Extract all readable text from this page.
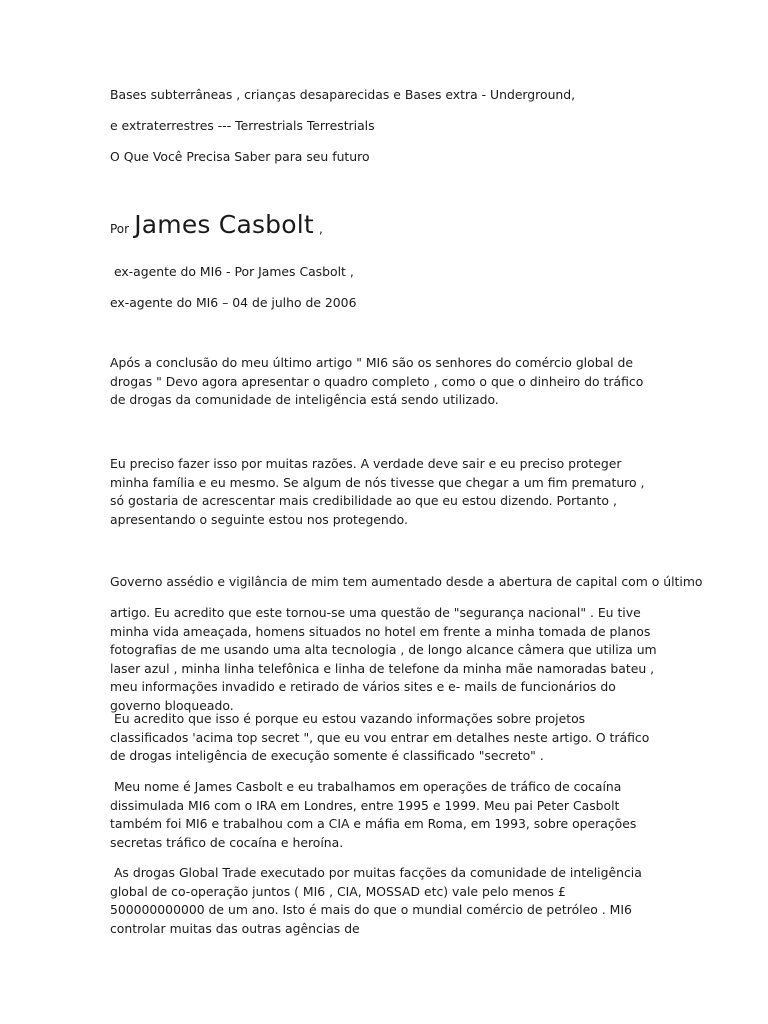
Bases subterrâneas , crianças desaparecidas e Bases extra - Underground,

e extraterrestres --- Terrestrials Terrestrials

O Que Você Precisa Saber para seu futuro

Por James Casbolt ,

ex-agente do MI6 - Por James Casbolt ,

ex-agente do MI6 – 04 de julho de 2006

Após a conclusão do meu último artigo " MI6 são os senhores do comércio global de drogas " Devo agora apresentar o quadro completo , como o que o dinheiro do tráfico de drogas da comunidade de inteligência está sendo utilizado.

Eu preciso fazer isso por muitas razões. A verdade deve sair e eu preciso proteger minha família e eu mesmo. Se algum de nós tivesse que chegar a um fim prematuro , só gostaria de acrescentar mais credibilidade ao que eu estou dizendo. Portanto , apresentando o seguinte estou nos protegendo.

Governo assédio e vigilância de mim tem aumentado desde a abertura de capital com o último

artigo. Eu acredito que este tornou-se uma questão de "segurança nacional" . Eu tive minha vida ameaçada, homens situados no hotel em frente a minha tomada de planos fotografias de me usando uma alta tecnologia , de longo alcance câmera que utiliza um laser azul , minha linha telefônica e linha de telefone da minha mãe namoradas bateu , meu informações invadido e retirado de vários sites e e- mails de funcionários do governo bloqueado.

Eu acredito que isso é porque eu estou vazando informações sobre projetos classificados 'acima top secret ", que eu vou entrar em detalhes neste artigo. O tráfico de drogas inteligência de execução somente é classificado "secreto" .

Meu nome é James Casbolt e eu trabalhamos em operações de tráfico de cocaína dissimulada MI6 com o IRA em Londres, entre 1995 e 1999. Meu pai Peter Casbolt também foi MI6 e trabalhou com a CIA e máfia em Roma, em 1993, sobre operações secretas tráfico de cocaína e heroína.

As drogas Global Trade executado por muitas facções da comunidade de inteligência global de co-operação juntos ( MI6 , CIA, MOSSAD etc) vale pelo menos £ 500000000000 de um ano. Isto é mais do que o mundial comércio de petróleo . MI6 controlar muitas das outras agências de
